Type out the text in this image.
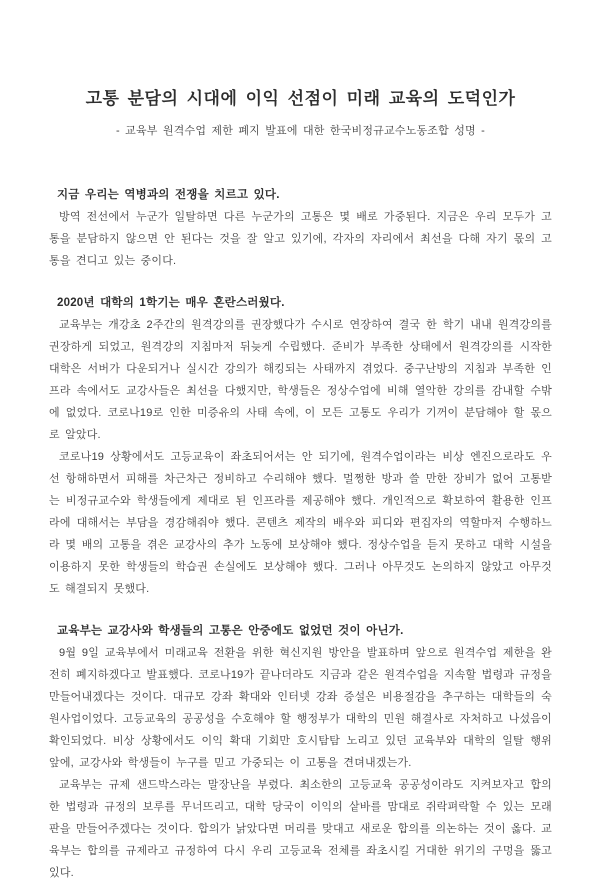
고통 분담의 시대에 이익 선점이 미래 교육의 도덕인가

- 교육부 원격수업 제한 폐지 발표에 대한 한국비정규교수노동조합 성명 -

지금 우리는 역병과의 전쟁을 치르고 있다.

방역 전선에서 누군가 일탈하면 다른 누군가의 고통은 몇 배로 가중된다. 지금은 우리 모두가 고통을 분담하지 않으면 안 된다는 것을 잘 알고 있기에, 각자의 자리에서 최선을 다해 자기 몫의 고통을 견디고 있는 중이다.

2020년 대학의 1학기는 매우 혼란스러웠다.

교육부는 개강초 2주간의 원격강의를 권장했다가 수시로 연장하여 결국 한 학기 내내 원격강의를 권장하게 되었고, 원격강의 지침마저 뒤늦게 수립했다. 준비가 부족한 상태에서 원격강의를 시작한 대학은 서버가 다운되거나 실시간 강의가 해킹되는 사태까지 겪었다. 중구난방의 지침과 부족한 인프라 속에서도 교강사들은 최선을 다했지만, 학생들은 정상수업에 비해 열악한 강의를 감내할 수밖에 없었다. 코로나19로 인한 미증유의 사태 속에, 이 모든 고통도 우리가 기꺼이 분담해야 할 몫으로 알았다.

코로나19 상황에서도 고등교육이 좌초되어서는 안 되기에, 원격수업이라는 비상 엔진으로라도 우선 항해하면서 피해를 차근차근 정비하고 수리해야 했다. 멀쩡한 방과 쓸 만한 장비가 없어 고통받는 비정규교수와 학생들에게 제대로 된 인프라를 제공해야 했다. 개인적으로 확보하여 활용한 인프라에 대해서는 부담을 경감해줘야 했다. 콘텐츠 제작의 배우와 피디와 편집자의 역할마저 수행하느라 몇 배의 고통을 겪은 교강사의 추가 노동에 보상해야 했다. 정상수업을 듣지 못하고 대학 시설을 이용하지 못한 학생들의 학습권 손실에도 보상해야 했다. 그러나 아무것도 논의하지 않았고 아무것도 해결되지 못했다.

교육부는 교강사와 학생들의 고통은 안중에도 없었던 것이 아닌가.

9월 9일 교육부에서 미래교육 전환을 위한 혁신지원 방안을 발표하며 앞으로 원격수업 제한을 완전히 폐지하겠다고 발표했다. 코로나19가 끝나더라도 지금과 같은 원격수업을 지속할 법령과 규정을 만들어내겠다는 것이다. 대규모 강좌 확대와 인터넷 강좌 증설은 비용절감을 추구하는 대학들의 숙원사업이었다. 고등교육의 공공성을 수호해야 할 행정부가 대학의 민원 해결사로 자처하고 나섰음이 확인되었다. 비상 상황에서도 이익 확대 기회만 호시탐탐 노리고 있던 교육부와 대학의 일탈 행위 앞에, 교강사와 학생들이 누구를 믿고 가중되는 이 고통을 견뎌내겠는가.

교육부는 규제 샌드박스라는 말장난을 부렸다. 최소한의 고등교육 공공성이라도 지켜보자고 합의한 법령과 규정의 보루를 무너뜨리고, 대학 당국이 이익의 샅바를 맘대로 쥐락펴락할 수 있는 모래판을 만들어주겠다는 것이다. 합의가 낡았다면 머리를 맞대고 새로운 합의를 의논하는 것이 옳다. 교육부는 합의를 규제라고 규정하여 다시 우리 고등교육 전체를 좌초시킬 거대한 위기의 구멍을 뚫고 있다.
